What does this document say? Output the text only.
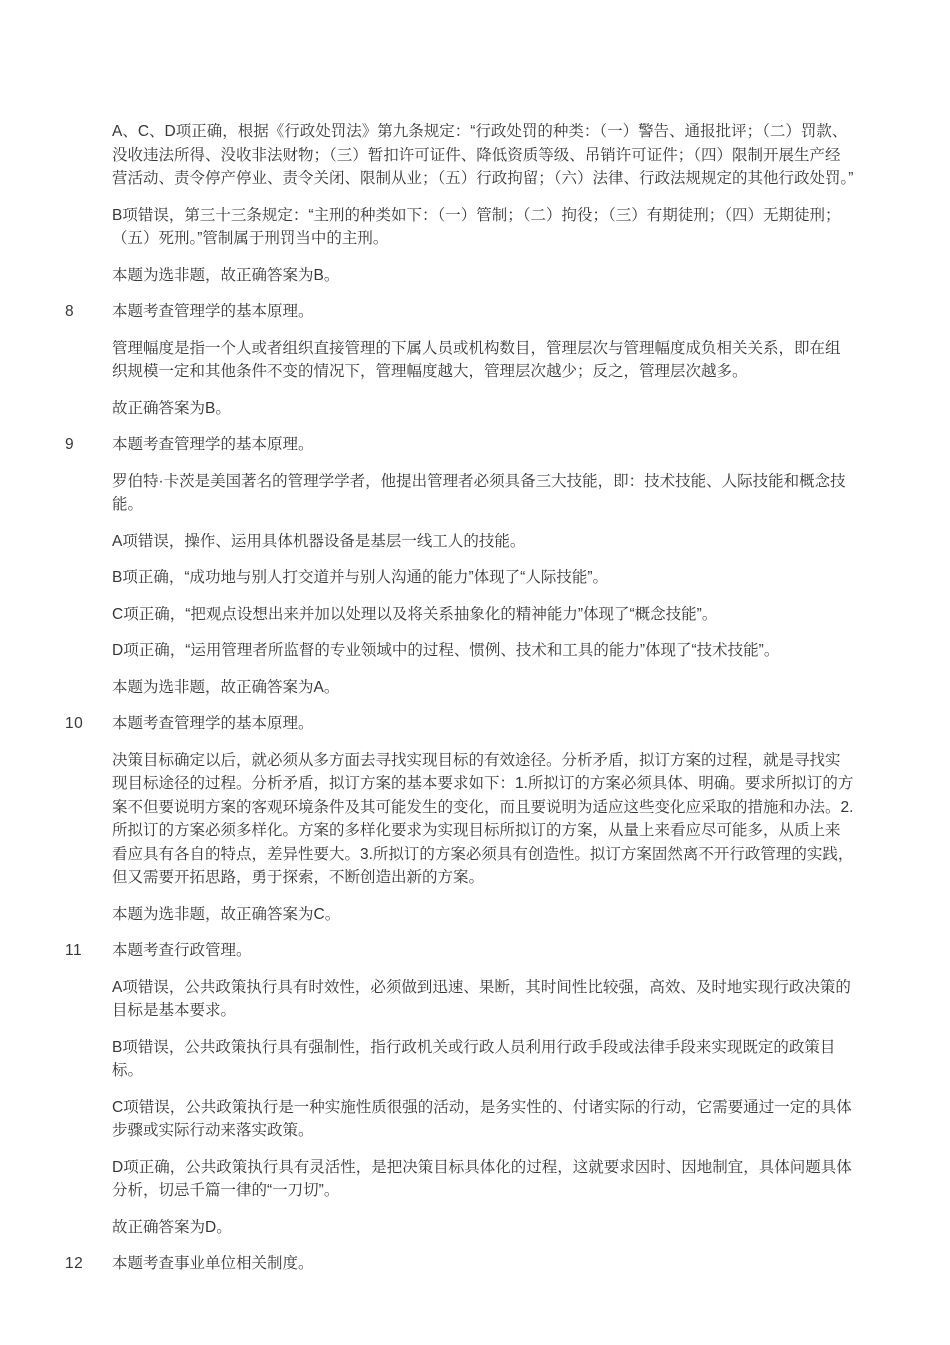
A、C、D项正确，根据《行政处罚法》第九条规定：“行政处罚的种类：（一）警告、通报批评；（二）罚款、没收违法所得、没收非法财物；（三）暂扣许可证件、降低资质等级、吊销许可证件；（四）限制开展生产经营活动、责令停产停业、责令关闭、限制从业；（五）行政拘留；（六）法律、行政法规规定的其他行政处罚。”

B项错误，第三十三条规定：“主刑的种类如下：（一）管制；（二）拘役；（三）有期徒刑；（四）无期徒刑；（五）死刑。”管制属于刑罚当中的主刑。

本题为选非题，故正确答案为B。

8	本题考查管理学的基本原理。

管理幅度是指一个人或者组织直接管理的下属人员或机构数目，管理层次与管理幅度成负相关关系，即在组织规模一定和其他条件不变的情况下，管理幅度越大，管理层次越少；反之，管理层次越多。

故正确答案为B。

9	本题考查管理学的基本原理。

罗伯特·卡茨是美国著名的管理学学者，他提出管理者必须具备三大技能，即：技术技能、人际技能和概念技能。

A项错误，操作、运用具体机器设备是基层一线工人的技能。

B项正确，“成功地与别人打交道并与别人沟通的能力”体现了“人际技能”。

C项正确，“把观点设想出来并加以处理以及将关系抽象化的精神能力”体现了“概念技能”。

D项正确，“运用管理者所监督的专业领域中的过程、惯例、技术和工具的能力”体现了“技术技能”。

本题为选非题，故正确答案为A。

10	本题考查管理学的基本原理。

决策目标确定以后，就必须从多方面去寻找实现目标的有效途径。分析矛盾，拟订方案的过程，就是寻找实现目标途径的过程。分析矛盾，拟订方案的基本要求如下：1.所拟订的方案必须具体、明确。要求所拟订的方案不但要说明方案的客观环境条件及其可能发生的变化，而且要说明为适应这些变化应采取的措施和办法。2.所拟订的方案必须多样化。方案的多样化要求为实现目标所拟订的方案，从量上来看应尽可能多，从质上来看应具有各自的特点，差异性要大。3.所拟订的方案必须具有创造性。拟订方案固然离不开行政管理的实践，但又需要开拓思路，勇于探索，不断创造出新的方案。

本题为选非题，故正确答案为C。

11	本题考查行政管理。

A项错误，公共政策执行具有时效性，必须做到迅速、果断，其时间性比较强，高效、及时地实现行政决策的目标是基本要求。

B项错误，公共政策执行具有强制性，指行政机关或行政人员利用行政手段或法律手段来实现既定的政策目标。

C项错误，公共政策执行是一种实施性质很强的活动，是务实性的、付诸实际的行动，它需要通过一定的具体步骤或实际行动来落实政策。

D项正确，公共政策执行具有灵活性，是把决策目标具体化的过程，这就要求因时、因地制宜，具体问题具体分析，切忌千篇一律的“一刀切”。

故正确答案为D。

12	本题考查事业单位相关制度。
